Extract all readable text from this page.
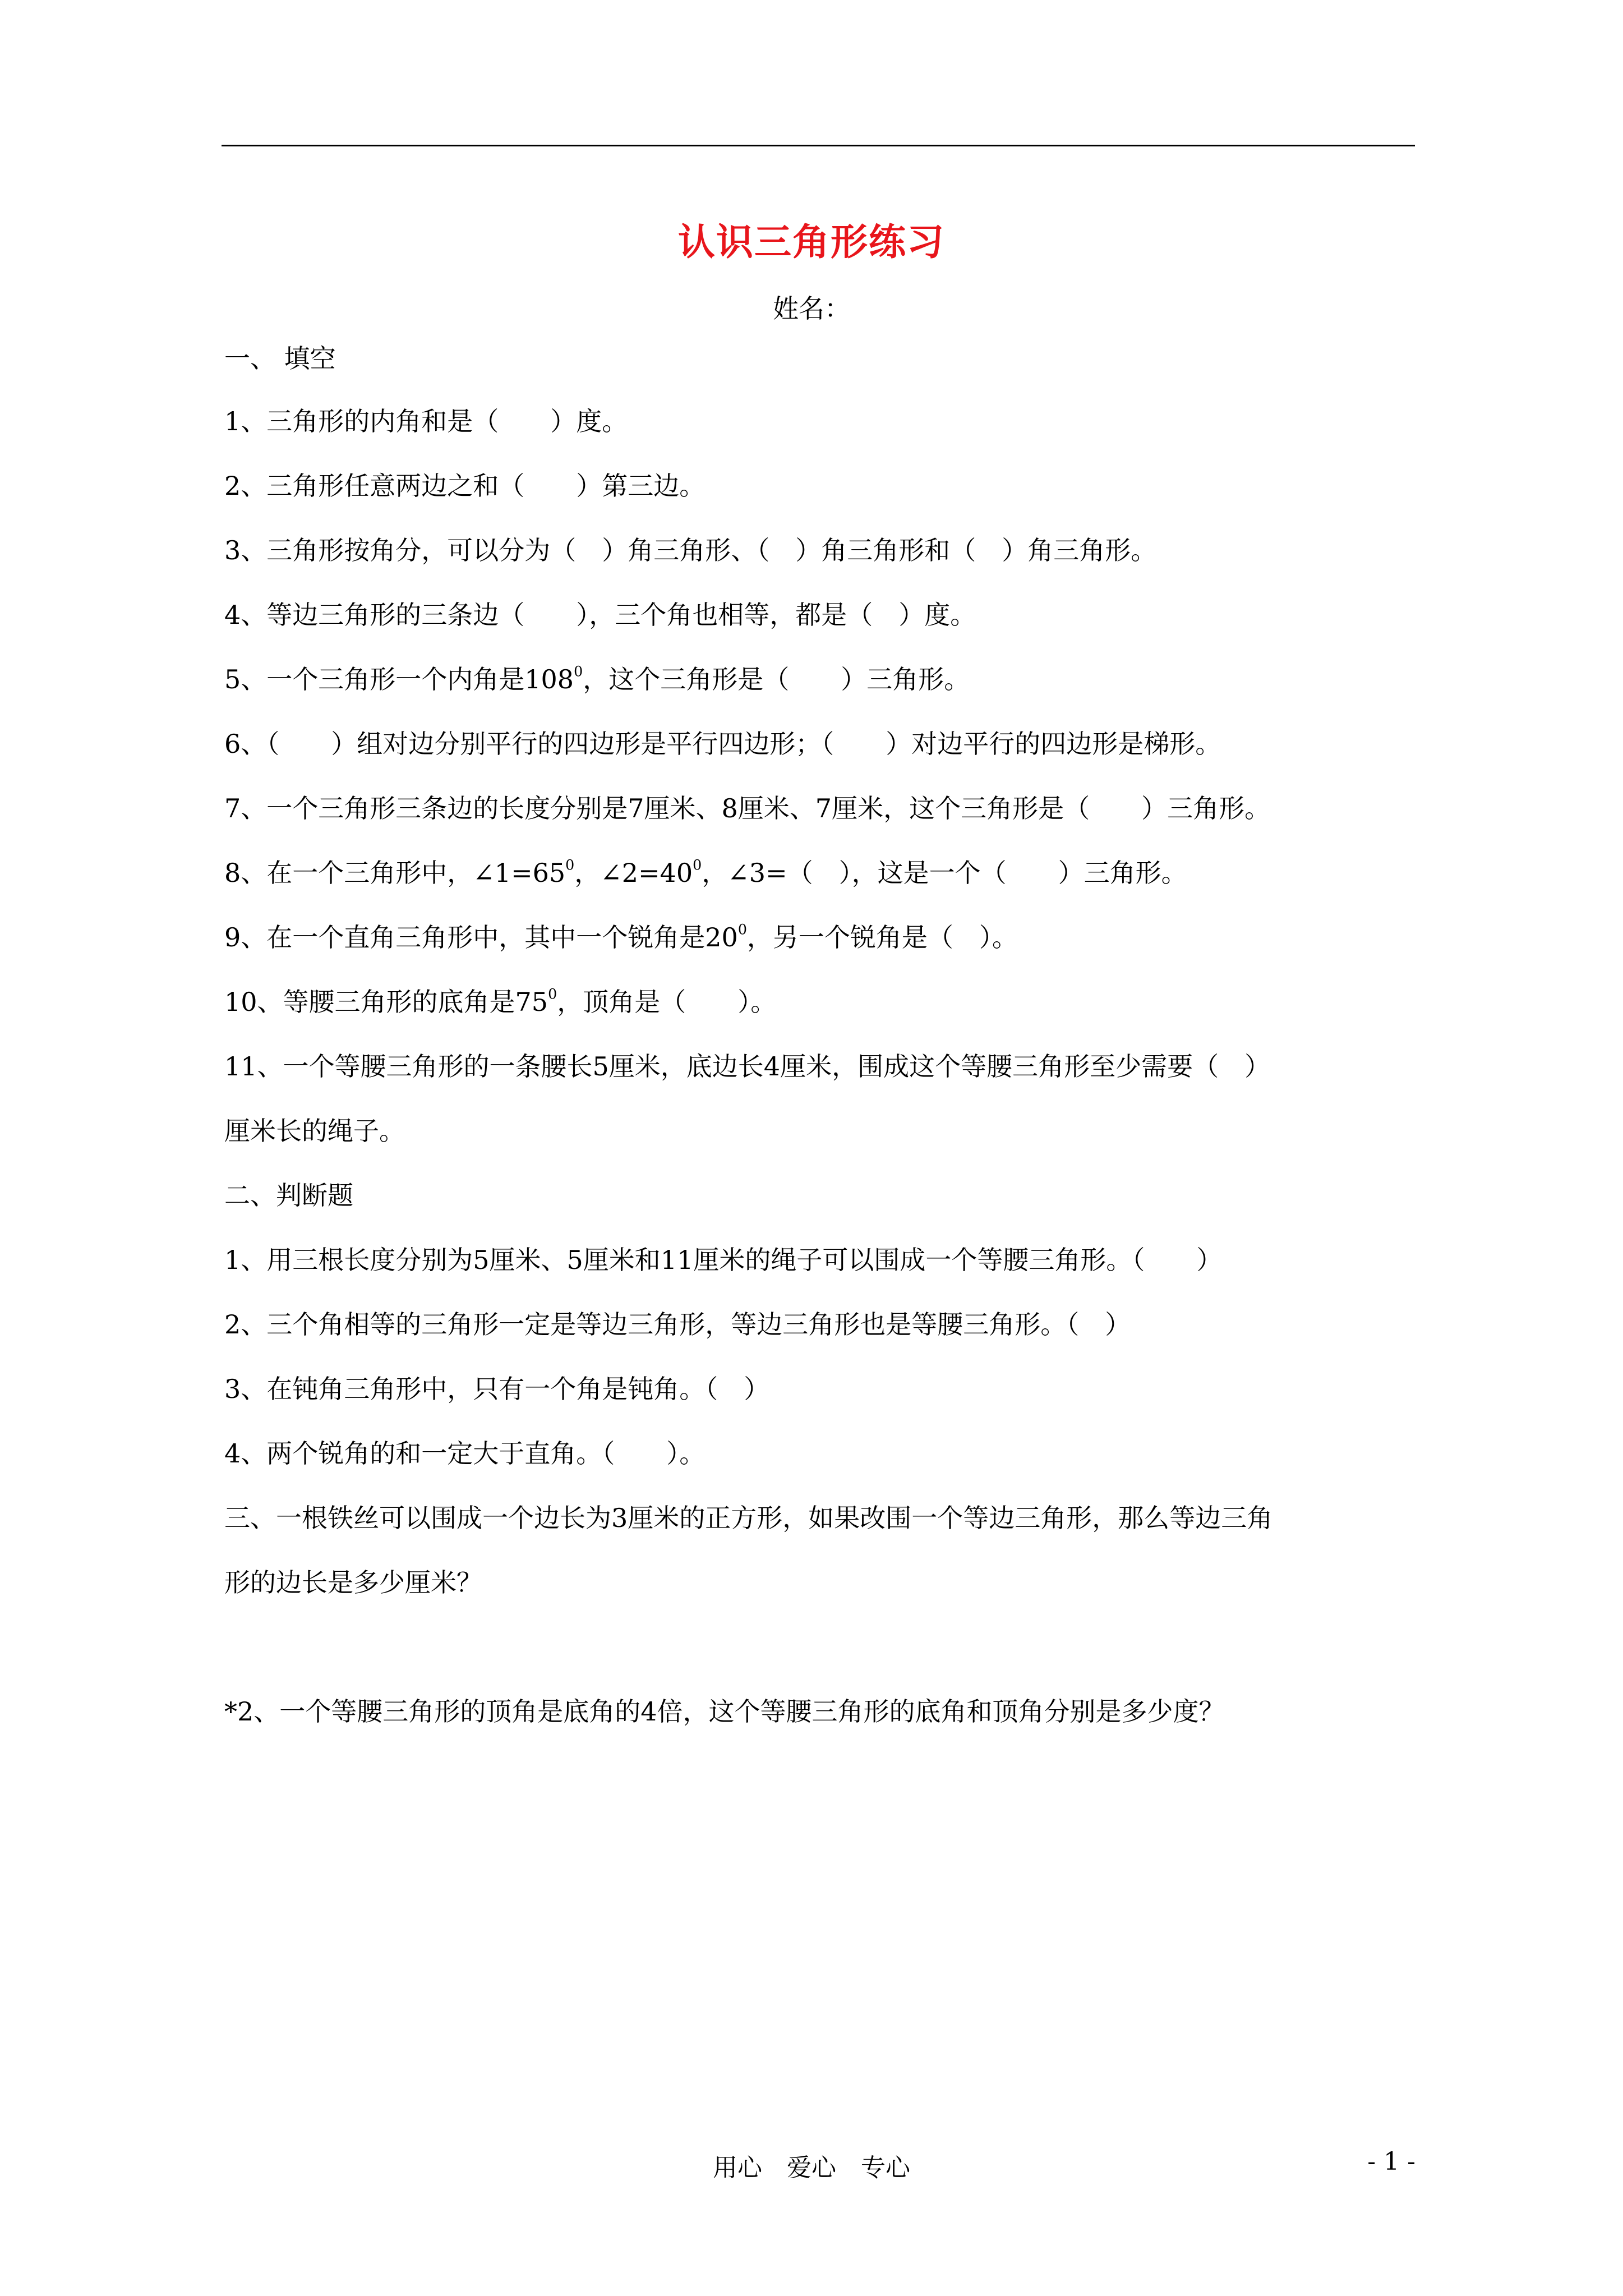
认识三角形练习
姓名：
一、 填空
1、三角形的内角和是（　　）度。
2、三角形任意两边之和（　　）第三边。
3、三角形按角分，可以分为（　）角三角形、（　）角三角形和（　）角三角形。
4、等边三角形的三条边（　　），三个角也相等，都是（　）度。
5、一个三角形一个内角是$108^0$，这个三角形是（　　）三角形。
6、（　　）组对边分别平行的四边形是平行四边形；（　　）对边平行的四边形是梯形。
7、一个三角形三条边的长度分别是7厘米、8厘米、7厘米，这个三角形是（　　）三角形。
8、在一个三角形中，$\angle 1=65^0$，$\angle 2=40^0$，∠3=（　），这是一个（　　）三角形。
9、在一个直角三角形中，其中一个锐角是$20^0$，另一个锐角是（　）。
10、等腰三角形的底角是$75^0$，顶角是（　　）。
11、一个等腰三角形的一条腰长5厘米，底边长4厘米，围成这个等腰三角形至少需要（　）
厘米长的绳子。
二、判断题
1、用三根长度分别为5厘米、5厘米和11厘米的绳子可以围成一个等腰三角形。（　　）
2、三个角相等的三角形一定是等边三角形，等边三角形也是等腰三角形。（　）
3、在钝角三角形中，只有一个角是钝角。（　）
4、两个锐角的和一定大于直角。（　　）。
三、一根铁丝可以围成一个边长为3厘米的正方形，如果改围一个等边三角形，那么等边三角
形的边长是多少厘米？
*2、一个等腰三角形的顶角是底角的4倍，这个等腰三角形的底角和顶角分别是多少度？
用心　爱心　专心	- 1 -
